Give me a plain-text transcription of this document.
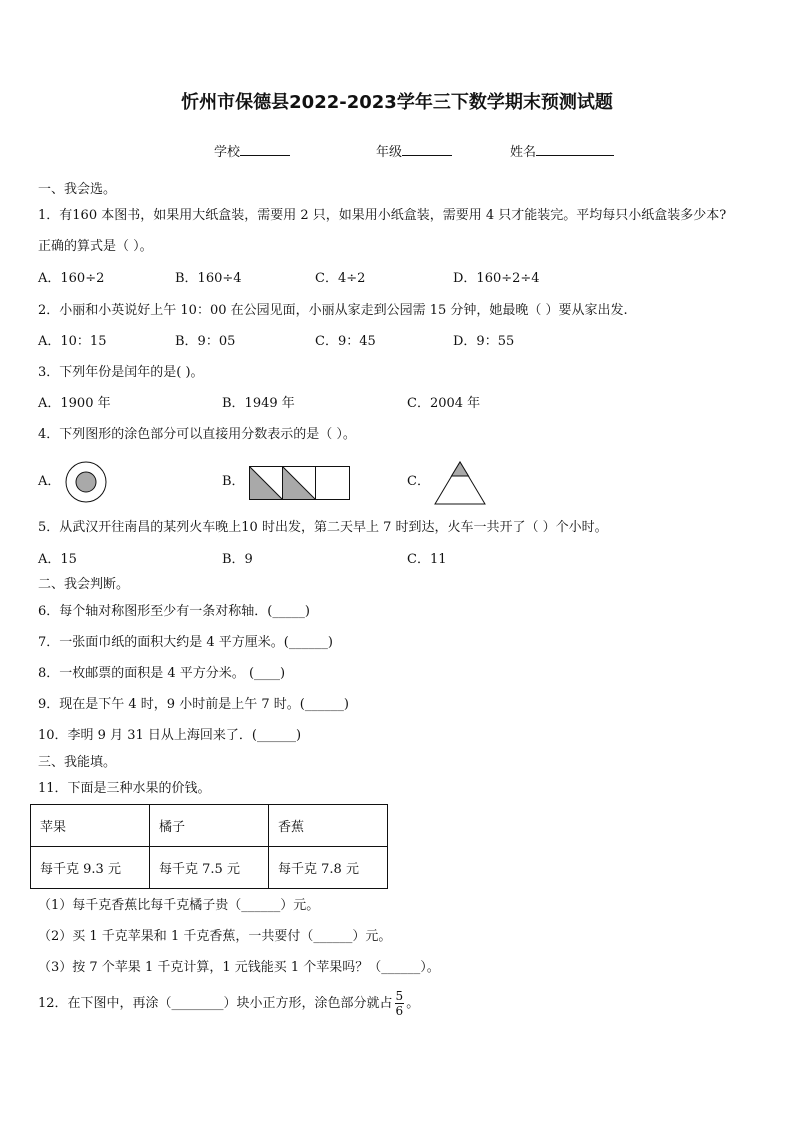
忻州市保德县2022-2023学年三下数学期末预测试题
学校	年级	姓名
一、我会选。
1．有160 本图书，如果用大纸盒装，需要用 2 只，如果用小纸盒装，需要用 4 只才能装完。平均每只小纸盒装多少本?
正确的算式是（ ）。
A．160÷2	B．160÷4	C．4÷2	D．160÷2÷4
2．小丽和小英说好上午 10：00 在公园见面，小丽从家走到公园需 15 分钟，她最晚（ ）要从家出发.
A．10：15	B．9：05	C．9：45	D．9：55
3．下列年份是闰年的是( )。
A．1900 年	B．1949 年	C．2004 年
4．下列图形的涂色部分可以直接用分数表示的是（ ）。
A．	B．	C．
5．从武汉开往南昌的某列火车晚上10 时出发，第二天早上 7 时到达，火车一共开了（ ）个小时。
A．15	B．9	C．11
二、我会判断。
6．每个轴对称图形至少有一条对称轴．(_____)
7．一张面巾纸的面积大约是 4 平方厘米。(______)
8．一枚邮票的面积是 4 平方分米。 (____)
9．现在是下午 4 时，9 小时前是上午 7 时。(______)
10．李明 9 月 31 日从上海回来了．(______)
三、我能填。
11．下面是三种水果的价钱。
苹果	橘子	香蕉
每千克 9.3 元	每千克 7.5 元	每千克 7.8 元
（1）每千克香蕉比每千克橘子贵（______）元。
（2）买 1 千克苹果和 1 千克香蕉，一共要付（______）元。
（3）按 7 个苹果 1 千克计算，1 元钱能买 1 个苹果吗？（______）。
12．在下图中，再涂（________）块小正方形，涂色部分就占 $\frac{5}{6}$ 。
